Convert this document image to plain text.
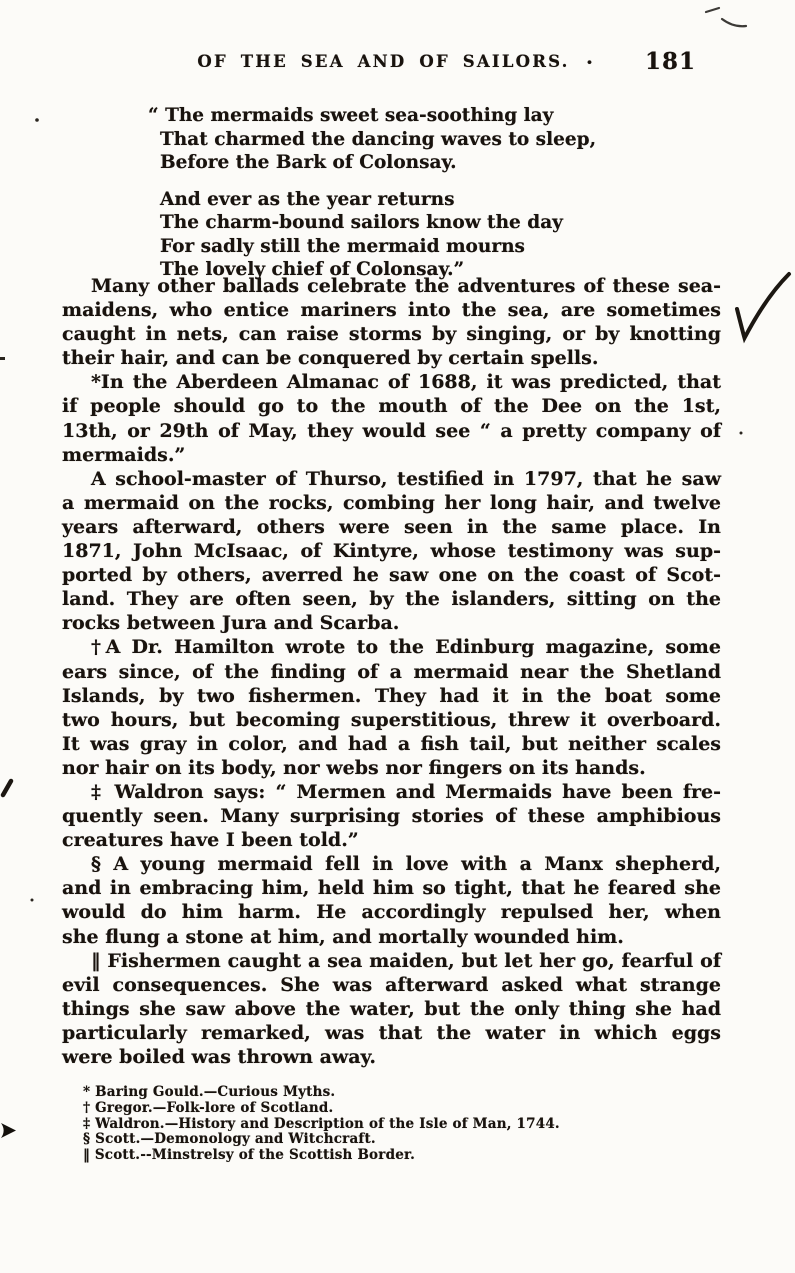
OF THE SEA AND OF SAILORS. · 181
“ The mermaids sweet sea-soothing lay
That charmed the dancing waves to sleep,
Before the Bark of Colonsay.
And ever as the year returns
The charm-bound sailors know the day
For sadly still the mermaid mourns
The lovely chief of Colonsay.”
Many other ballads celebrate the adventures of these sea-
maidens, who entice mariners into the sea, are sometimes
caught in nets, can raise storms by singing, or by knotting
their hair, and can be conquered by certain spells.
*In the Aberdeen Almanac of 1688, it was predicted, that
if people should go to the mouth of the Dee on the 1st,
13th, or 29th of May, they would see “ a pretty company of
mermaids.”
A school-master of Thurso, testified in 1797, that he saw
a mermaid on the rocks, combing her long hair, and twelve
years afterward, others were seen in the same place. In
1871, John McIsaac, of Kintyre, whose testimony was sup-
ported by others, averred he saw one on the coast of Scot-
land. They are often seen, by the islanders, sitting on the
rocks between Jura and Scarba.
†A Dr. Hamilton wrote to the Edinburg magazine, some
ears since, of the finding of a mermaid near the Shetland
Islands, by two fishermen. They had it in the boat some
two hours, but becoming superstitious, threw it overboard.
It was gray in color, and had a fish tail, but neither scales
nor hair on its body, nor webs nor fingers on its hands.
‡ Waldron says: “ Mermen and Mermaids have been fre-
quently seen. Many surprising stories of these amphibious
creatures have I been told.”
§ A young mermaid fell in love with a Manx shepherd,
and in embracing him, held him so tight, that he feared she
would do him harm. He accordingly repulsed her, when
she flung a stone at him, and mortally wounded him.
‖ Fishermen caught a sea maiden, but let her go, fearful of
evil consequences. She was afterward asked what strange
things she saw above the water, but the only thing she had
particularly remarked, was that the water in which eggs
were boiled was thrown away.
* Baring Gould.—Curious Myths.
† Gregor.—Folk-lore of Scotland.
‡ Waldron.—History and Description of the Isle of Man, 1744.
§ Scott.—Demonology and Witchcraft.
‖ Scott.--Minstrelsy of the Scottish Border.
